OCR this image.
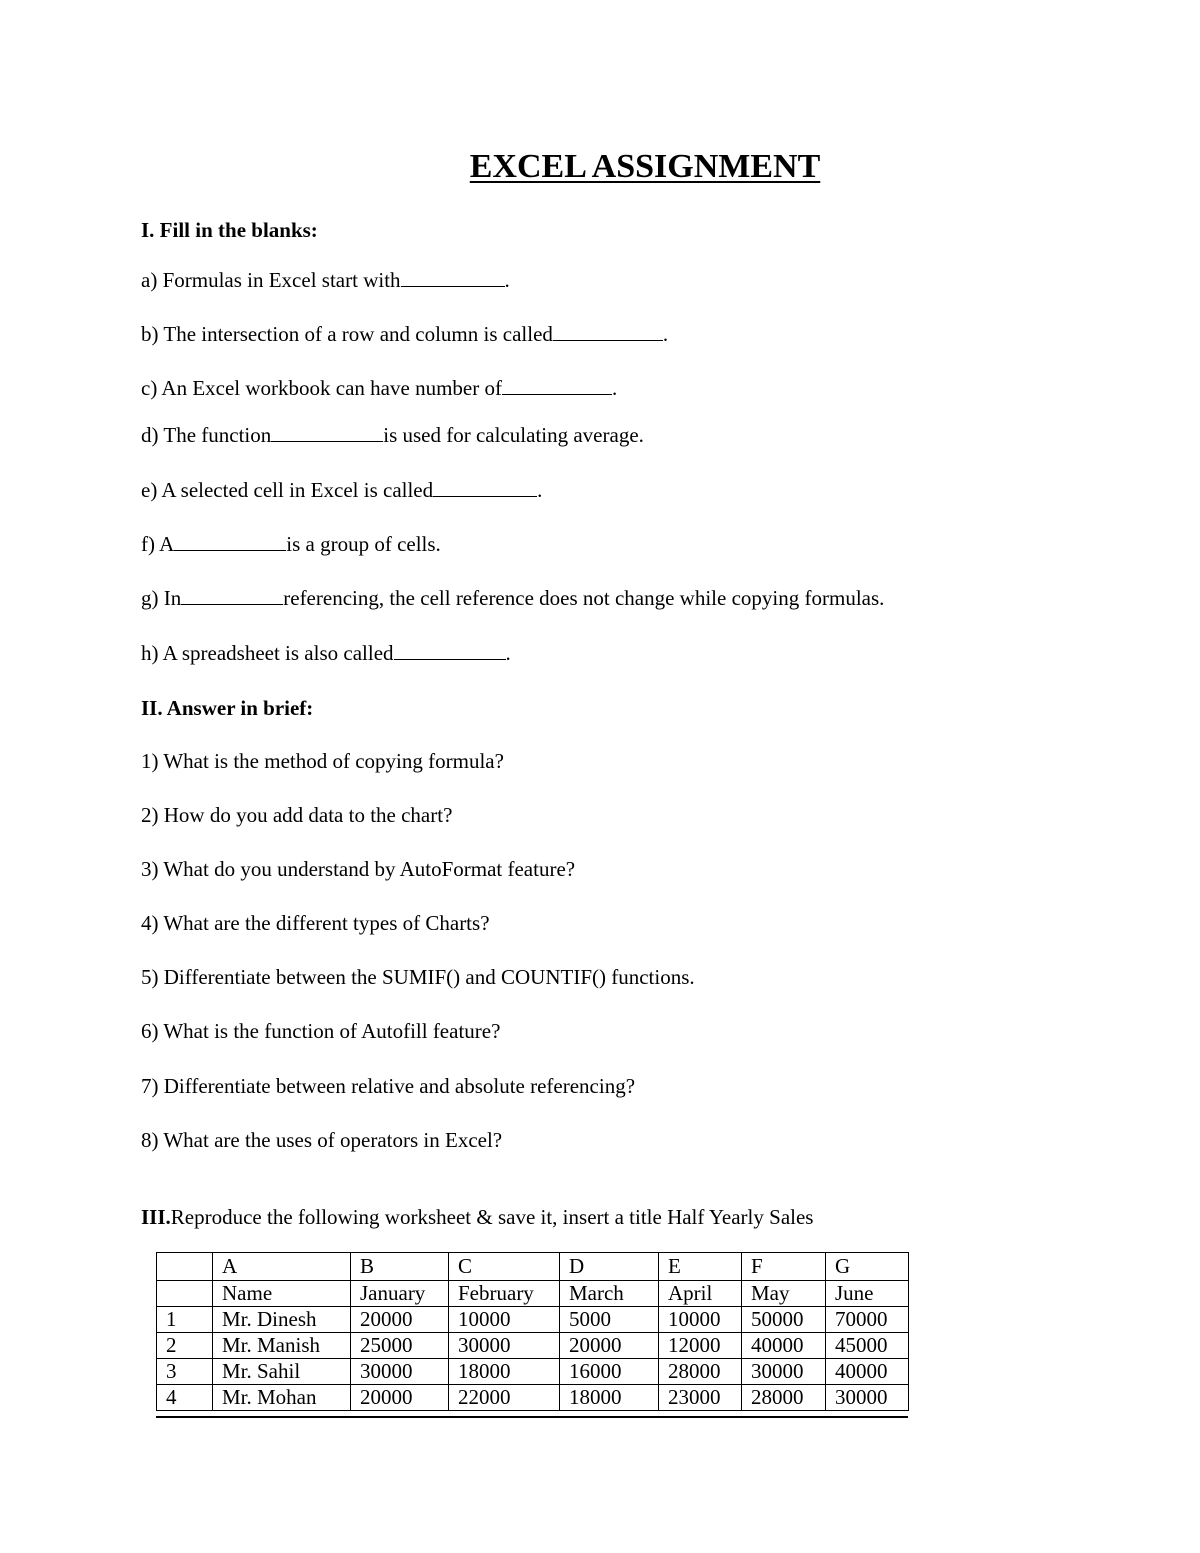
EXCEL ASSIGNMENT
I. Fill in the blanks:
a) Formulas in Excel start with	.
b) The intersection of a row and column is called	.
c) An Excel workbook can have number of	.
d) The function	is used for calculating average.
e) A selected cell in Excel is called	.
f) A	is a group of cells.
g) In	referencing, the cell reference does not change while copying formulas.
h) A spreadsheet is also called	.
II. Answer in brief:
1) What is the method of copying formula?
2) How do you add data to the chart?
3) What do you understand by AutoFormat feature?
4) What are the different types of Charts?
5) Differentiate between the SUMIF() and COUNTIF() functions.
6) What is the function of Autofill feature?
7) Differentiate between relative and absolute referencing?
8) What are the uses of operators in Excel?
III.Reproduce the following worksheet & save it, insert a title Half Yearly Sales
	A	B	C	D	E	F	G
	Name	January	February	March	April	May	June
1	Mr. Dinesh	20000	10000	5000	10000	50000	70000
2	Mr. Manish	25000	30000	20000	12000	40000	45000
3	Mr. Sahil	30000	18000	16000	28000	30000	40000
4	Mr. Mohan	20000	22000	18000	23000	28000	30000
